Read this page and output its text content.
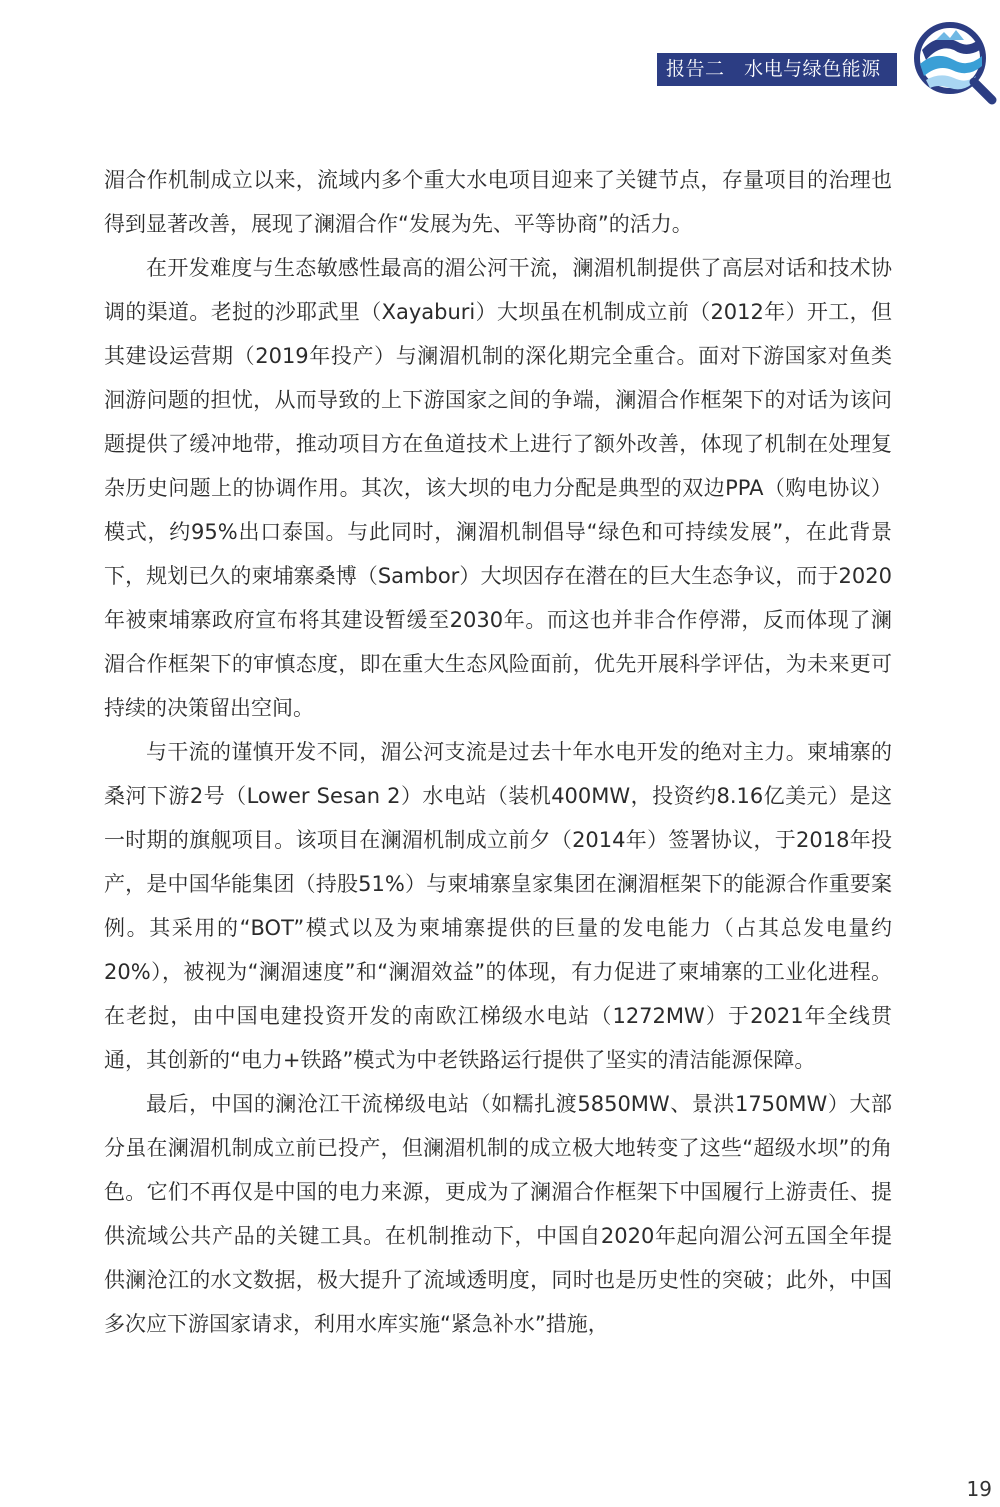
报告二   水电与绿色能源

湄合作机制成立以来，流域内多个重大水电项目迎来了关键节点，存量项目的治理也得到显著改善，展现了澜湄合作“发展为先、平等协商”的活力。

在开发难度与生态敏感性最高的湄公河干流，澜湄机制提供了高层对话和技术协调的渠道。老挝的沙耶武里（Xayaburi）大坝虽在机制成立前（2012年）开工，但其建设运营期（2019年投产）与澜湄机制的深化期完全重合。面对下游国家对鱼类洄游问题的担忧，从而导致的上下游国家之间的争端，澜湄合作框架下的对话为该问题提供了缓冲地带，推动项目方在鱼道技术上进行了额外改善，体现了机制在处理复杂历史问题上的协调作用。其次，该大坝的电力分配是典型的双边PPA（购电协议）模式，约95%出口泰国。与此同时，澜湄机制倡导“绿色和可持续发展”，在此背景下，规划已久的柬埔寨桑博（Sambor）大坝因存在潜在的巨大生态争议，而于2020年被柬埔寨政府宣布将其建设暂缓至2030年。而这也并非合作停滞，反而体现了澜湄合作框架下的审慎态度，即在重大生态风险面前，优先开展科学评估，为未来更可持续的决策留出空间。

与干流的谨慎开发不同，湄公河支流是过去十年水电开发的绝对主力。柬埔寨的桑河下游2号（Lower Sesan 2）水电站（装机400MW，投资约8.16亿美元）是这一时期的旗舰项目。该项目在澜湄机制成立前夕（2014年）签署协议，于2018年投产，是中国华能集团（持股51%）与柬埔寨皇家集团在澜湄框架下的能源合作重要案例。其采用的“BOT”模式以及为柬埔寨提供的巨量的发电能力（占其总发电量约20%），被视为“澜湄速度”和“澜湄效益”的体现，有力促进了柬埔寨的工业化进程。在老挝，由中国电建投资开发的南欧江梯级水电站（1272MW）于2021年全线贯通，其创新的“电力+铁路”模式为中老铁路运行提供了坚实的清洁能源保障。

最后，中国的澜沧江干流梯级电站（如糯扎渡5850MW、景洪1750MW）大部分虽在澜湄机制成立前已投产，但澜湄机制的成立极大地转变了这些“超级水坝”的角色。它们不再仅是中国的电力来源，更成为了澜湄合作框架下中国履行上游责任、提供流域公共产品的关键工具。在机制推动下，中国自2020年起向湄公河五国全年提供澜沧江的水文数据，极大提升了流域透明度，同时也是历史性的突破；此外，中国多次应下游国家请求，利用水库实施“紧急补水”措施，

19
